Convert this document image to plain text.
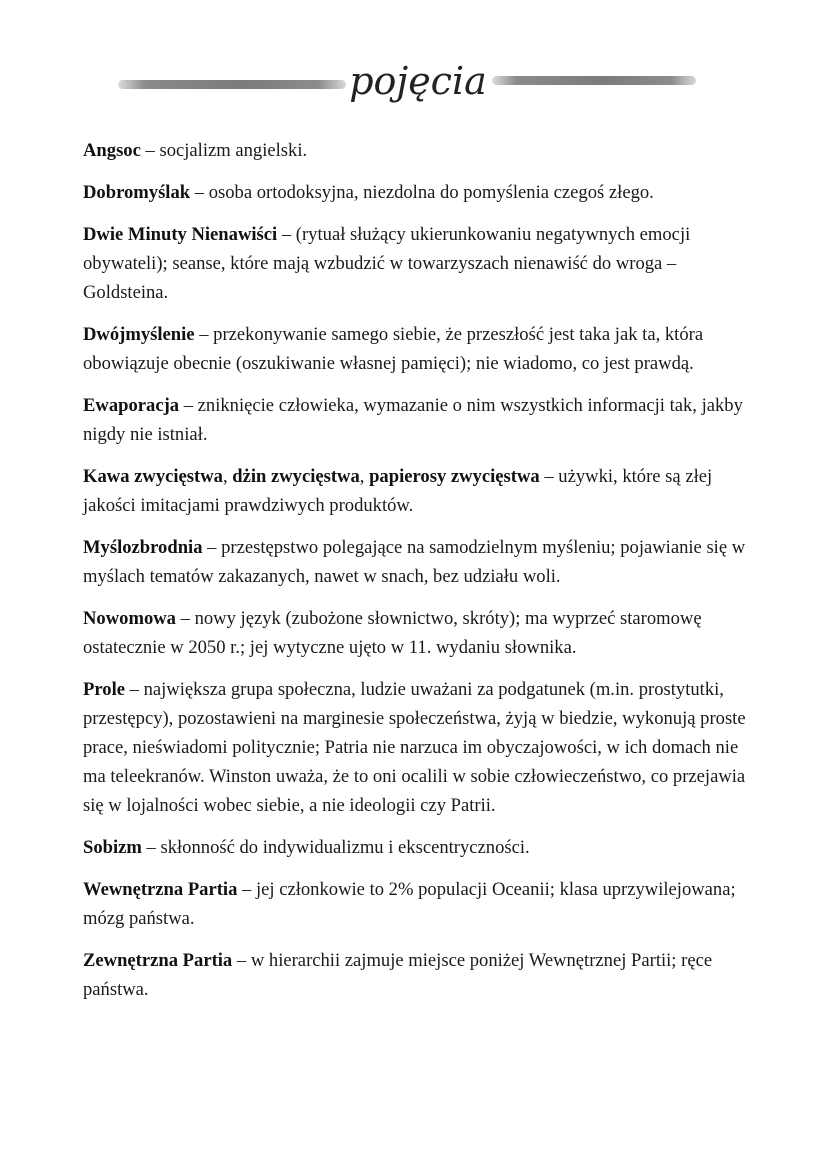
pojęcia

Angsoc – socjalizm angielski.

Dobromyślak – osoba ortodoksyjna, niezdolna do pomyślenia czegoś złego.

Dwie Minuty Nienawiści – (rytuał służący ukierunkowaniu negatywnych emocji obywateli); seanse, które mają wzbudzić w towarzyszach nienawiść do wroga – Goldsteina.

Dwójmyślenie – przekonywanie samego siebie, że przeszłość jest taka jak ta, która obowiązuje obecnie (oszukiwanie własnej pamięci); nie wiadomo, co jest prawdą.

Ewaporacja – zniknięcie człowieka, wymazanie o nim wszystkich informacji tak, jakby nigdy nie istniał.

Kawa zwycięstwa, dżin zwycięstwa, papierosy zwycięstwa – używki, które są złej jakości imitacjami prawdziwych produktów.

Myślozbrodnia – przestępstwo polegające na samodzielnym myśleniu; pojawianie się w myślach tematów zakazanych, nawet w snach, bez udziału woli.

Nowomowa – nowy język (zubożone słownictwo, skróty); ma wyprzeć staromowę ostatecznie w 2050 r.; jej wytyczne ujęto w 11. wydaniu słownika.

Prole – największa grupa społeczna, ludzie uważani za podgatunek (m.in. prostytutki, przestępcy), pozostawieni na marginesie społeczeństwa, żyją w biedzie, wykonują proste prace, nieświadomi politycznie; Patria nie narzuca im obyczajowości, w ich domach nie ma teleekranów. Winston uważa, że to oni ocalili w sobie człowieczeństwo, co przejawia się w lojalności wobec siebie, a nie ideologii czy Patrii.

Sobizm – skłonność do indywidualizmu i ekscentryczności.

Wewnętrzna Partia – jej członkowie to 2% populacji Oceanii; klasa uprzywilejowana; mózg państwa.

Zewnętrzna Partia – w hierarchii zajmuje miejsce poniżej Wewnętrznej Partii; ręce państwa.
